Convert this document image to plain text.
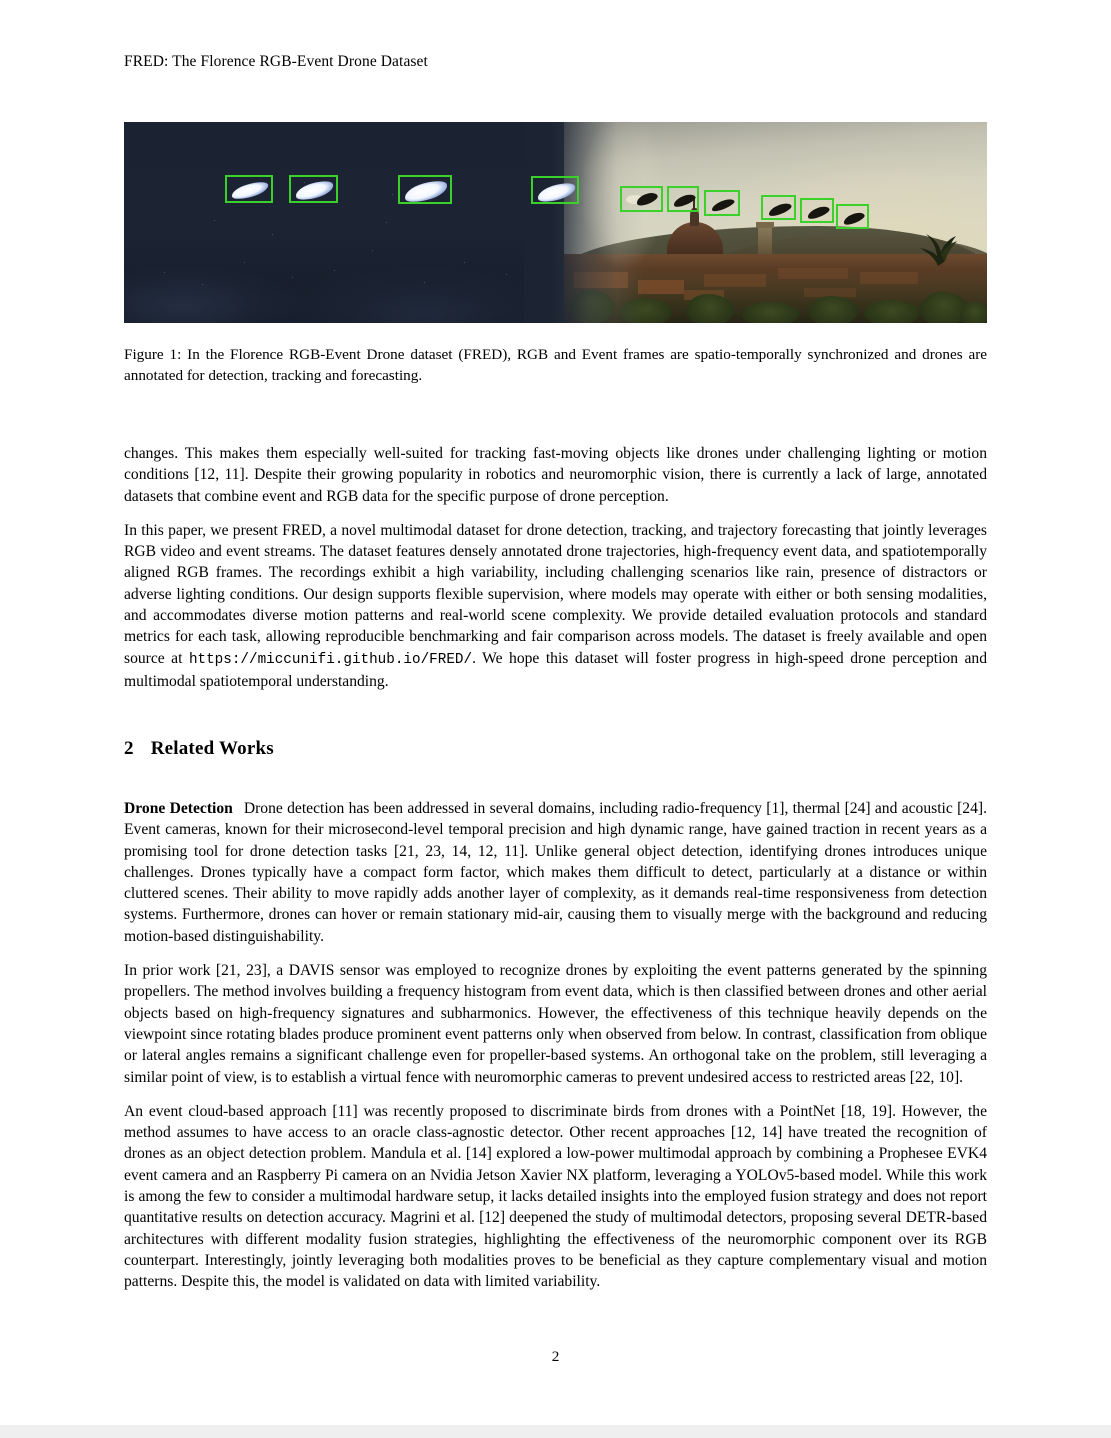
FRED: The Florence RGB-Event Drone Dataset
Figure 1: In the Florence RGB-Event Drone dataset (FRED), RGB and Event frames are spatio-temporally synchronized and drones are annotated for detection, tracking and forecasting.

changes. This makes them especially well-suited for tracking fast-moving objects like drones under challenging lighting or motion conditions [12, 11]. Despite their growing popularity in robotics and neuromorphic vision, there is currently a lack of large, annotated datasets that combine event and RGB data for the specific purpose of drone perception.

In this paper, we present FRED, a novel multimodal dataset for drone detection, tracking, and trajectory forecasting that jointly leverages RGB video and event streams. The dataset features densely annotated drone trajectories, high-frequency event data, and spatiotemporally aligned RGB frames. The recordings exhibit a high variability, including challenging scenarios like rain, presence of distractors or adverse lighting conditions. Our design supports flexible supervision, where models may operate with either or both sensing modalities, and accommodates diverse motion patterns and real-world scene complexity. We provide detailed evaluation protocols and standard metrics for each task, allowing reproducible benchmarking and fair comparison across models. The dataset is freely available and open source at https://miccunifi.github.io/FRED/. We hope this dataset will foster progress in high-speed drone perception and multimodal spatiotemporal understanding.

2 Related Works

Drone Detection Drone detection has been addressed in several domains, including radio-frequency [1], thermal [24] and acoustic [24]. Event cameras, known for their microsecond-level temporal precision and high dynamic range, have gained traction in recent years as a promising tool for drone detection tasks [21, 23, 14, 12, 11]. Unlike general object detection, identifying drones introduces unique challenges. Drones typically have a compact form factor, which makes them difficult to detect, particularly at a distance or within cluttered scenes. Their ability to move rapidly adds another layer of complexity, as it demands real-time responsiveness from detection systems. Furthermore, drones can hover or remain stationary mid-air, causing them to visually merge with the background and reducing motion-based distinguishability.

In prior work [21, 23], a DAVIS sensor was employed to recognize drones by exploiting the event patterns generated by the spinning propellers. The method involves building a frequency histogram from event data, which is then classified between drones and other aerial objects based on high-frequency signatures and subharmonics. However, the effectiveness of this technique heavily depends on the viewpoint since rotating blades produce prominent event patterns only when observed from below. In contrast, classification from oblique or lateral angles remains a significant challenge even for propeller-based systems. An orthogonal take on the problem, still leveraging a similar point of view, is to establish a virtual fence with neuromorphic cameras to prevent undesired access to restricted areas [22, 10].

An event cloud-based approach [11] was recently proposed to discriminate birds from drones with a PointNet [18, 19]. However, the method assumes to have access to an oracle class-agnostic detector. Other recent approaches [12, 14] have treated the recognition of drones as an object detection problem. Mandula et al. [14] explored a low-power multimodal approach by combining a Prophesee EVK4 event camera and an Raspberry Pi camera on an Nvidia Jetson Xavier NX platform, leveraging a YOLOv5-based model. While this work is among the few to consider a multimodal hardware setup, it lacks detailed insights into the employed fusion strategy and does not report quantitative results on detection accuracy. Magrini et al. [12] deepened the study of multimodal detectors, proposing several DETR-based architectures with different modality fusion strategies, highlighting the effectiveness of the neuromorphic component over its RGB counterpart. Interestingly, jointly leveraging both modalities proves to be beneficial as they capture complementary visual and motion patterns. Despite this, the model is validated on data with limited variability.

2
